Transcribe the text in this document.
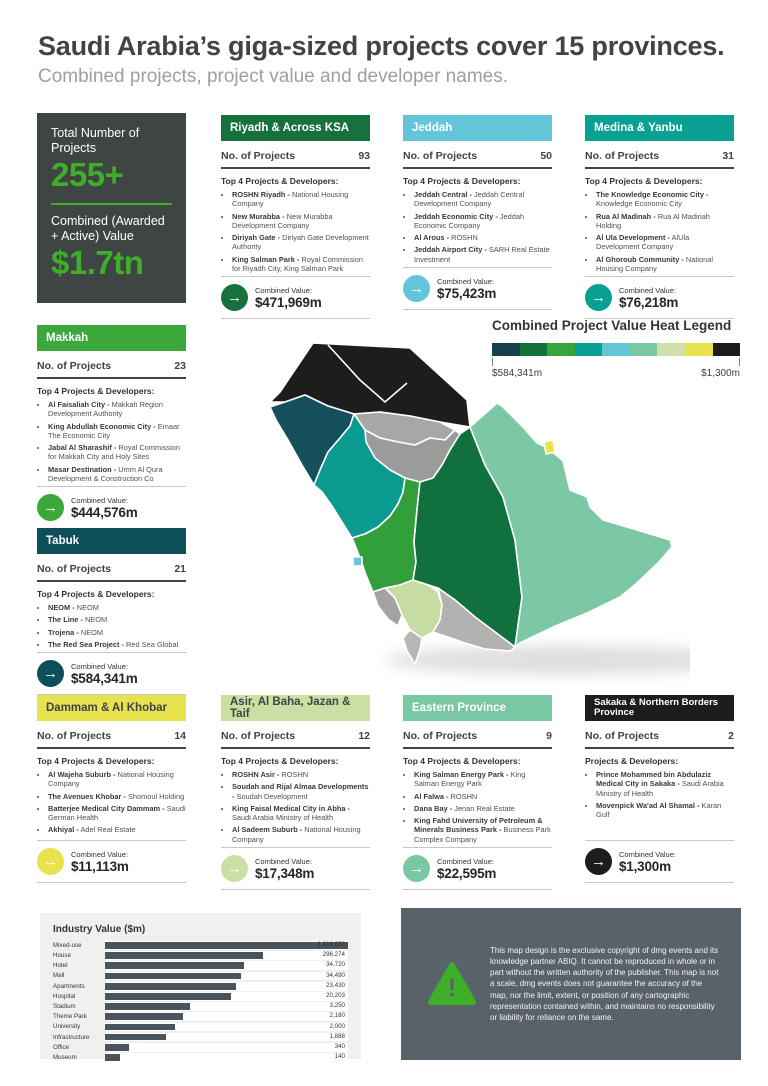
Saudi Arabia’s giga-sized projects cover 15 provinces.
Combined projects, project value and developer names.
Total Number of Projects
255+
Combined (Awarded + Active) Value
$1.7tn
Riyadh & Across KSA
No. of Projects	93
Top 4 Projects & Developers:
• ROSHN Riyadh - National Housing Company
• New Murabba - New Murabba Development Company
• Diriyah Gate - Diriyah Gate Development Authority
• King Salman Park - Royal Commission for Riyadh City, King Salman Park
→ Combined Value:
$471,969m
Jeddah
No. of Projects	50
Top 4 Projects & Developers:
• Jeddah Central - Jeddah Central Development Company
• Jeddah Economic City - Jeddah Economic Company
• Al Arous - ROSHN
• Jeddah Airport City - SARH Real Estate Investment
→ Combined Value:
$75,423m
Medina & Yanbu
No. of Projects	31
Top 4 Projects & Developers:
• The Knowledge Economic City - Knowledge Economic City
• Rua Al Madinah - Rua Al Madinah Holding
• Al Ula Development - AlUla Development Company
• Al Ghoroub Community - National Housing Company
→ Combined Value:
$76,218m
Makkah
No. of Projects	23
Top 4 Projects & Developers:
• Al Faisaliah City - Makkah Region Development Authority
• King Abdullah Economic City - Emaar The Economic City
• Jabal Al Sharashif - Royal Commission for Makkah City and Holy Sites
• Masar Destination - Umm Al Qura Development & Construction Co
→ Combined Value:
$444,576m
Tabuk
No. of Projects	21
Top 4 Projects & Developers:
• NEOM - NEOM
• The Line - NEOM
• Trojena - NEOM
• The Red Sea Project - Red Sea Global
→ Combined Value:
$584,341m
Combined Project Value Heat Legend
$584,341m	$1,300m
Dammam & Al Khobar
No. of Projects	14
Top 4 Projects & Developers:
• Al Wajeha Suburb - National Housing Company
• The Avenues Khobar - Shomoul Holding
• Batterjee Medical City Dammam - Saudi German Health
• Akhiyal - Adel Real Estate
→ Combined Value:
$11,113m
Asir, Al Baha, Jazan & Taif
No. of Projects	12
Top 4 Projects & Developers:
• ROSHN Asir - ROSHN
• Soudah and Rijal Almaa Developments - Soudah Development
• King Faisal Medical City in Abha - Saudi Arabia Ministry of Health
• Al Sadeem Suburb - National Housing Company
→ Combined Value:
$17,348m
Eastern Province
No. of Projects	9
Top 4 Projects & Developers:
• King Salman Energy Park - King Salman Energy Park
• Al Falwa - ROSHN
• Dana Bay - Jenan Real Estate
• King Fahd University of Petroleum & Minerals Business Park - Business Park Complex Company
→ Combined Value:
$22,595m
Sakaka & Northern Borders Province
No. of Projects	2
Projects & Developers:
• Prince Mohammed bin Abdulaziz Medical City in Sakaka - Saudi Arabia Ministry of Health
• Movenpick Wa'ad Al Shamal - Karan Gulf
→ Combined Value:
$1,300m
Industry Value ($m)
Mixed-use	1,316,858
House	296,274
Hotel	34,720
Mall	34,490
Apartments	23,430
Hospital	20,203
Stadium	3,250
Theme Park	2,180
University	2,000
Infrastructure	1,888
Office	340
Museum	140
!

This map design is the exclusive copyright of dmg events and its knowledge partner ABIQ. It cannot be reproduced in whole or in part without the written authority of the publisher. This map is not a scale, dmg events does not guarantee the accuracy of the map, nor the limit, extent, or position of any cartographic representation contained within, and maintains no responsibility or liability for reliance on the same.
